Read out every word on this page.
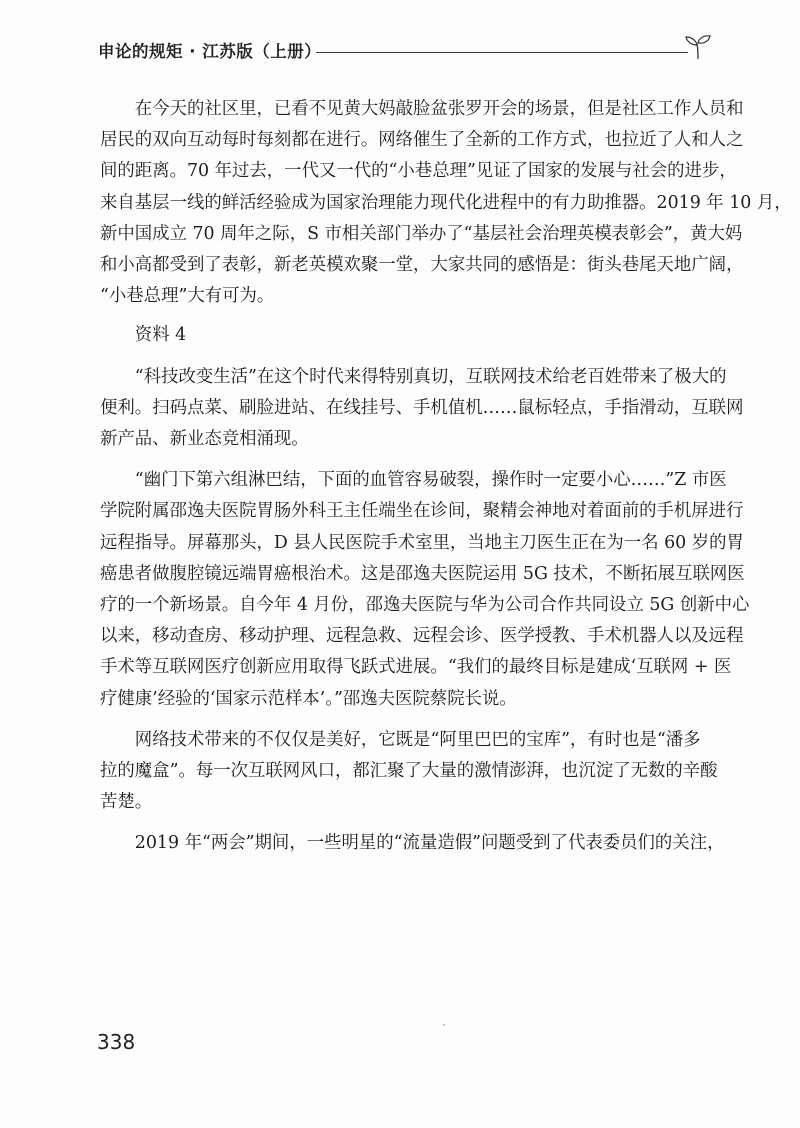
申论的规矩 · 江苏版（上册）

在今天的社区里，已看不见黄大妈敲脸盆张罗开会的场景，但是社区工作人员和
居民的双向互动每时每刻都在进行。网络催生了全新的工作方式，也拉近了人和人之
间的距离。70 年过去，一代又一代的“小巷总理”见证了国家的发展与社会的进步，
来自基层一线的鲜活经验成为国家治理能力现代化进程中的有力助推器。2019 年 10 月，
新中国成立 70 周年之际，S 市相关部门举办了“基层社会治理英模表彰会”，黄大妈
和小高都受到了表彰，新老英模欢聚一堂，大家共同的感悟是：街头巷尾天地广阔，
“小巷总理”大有可为。

资料 4

“科技改变生活”在这个时代来得特别真切，互联网技术给老百姓带来了极大的
便利。扫码点菜、刷脸进站、在线挂号、手机值机……鼠标轻点，手指滑动，互联网
新产品、新业态竞相涌现。

“幽门下第六组淋巴结，下面的血管容易破裂，操作时一定要小心……”Z 市医
学院附属邵逸夫医院胃肠外科王主任端坐在诊间，聚精会神地对着面前的手机屏进行
远程指导。屏幕那头，D 县人民医院手术室里，当地主刀医生正在为一名 60 岁的胃
癌患者做腹腔镜远端胃癌根治术。这是邵逸夫医院运用 5G 技术，不断拓展互联网医
疗的一个新场景。自今年 4 月份，邵逸夫医院与华为公司合作共同设立 5G 创新中心
以来，移动查房、移动护理、远程急救、远程会诊、医学授教、手术机器人以及远程
手术等互联网医疗创新应用取得飞跃式进展。“我们的最终目标是建成‘互联网 + 医
疗健康’经验的‘国家示范样本’。”邵逸夫医院蔡院长说。

网络技术带来的不仅仅是美好，它既是“阿里巴巴的宝库”，有时也是“潘多
拉的魔盒”。每一次互联网风口，都汇聚了大量的激情澎湃，也沉淀了无数的辛酸
苦楚。

2019 年“两会”期间，一些明星的“流量造假”问题受到了代表委员们的关注，

338
